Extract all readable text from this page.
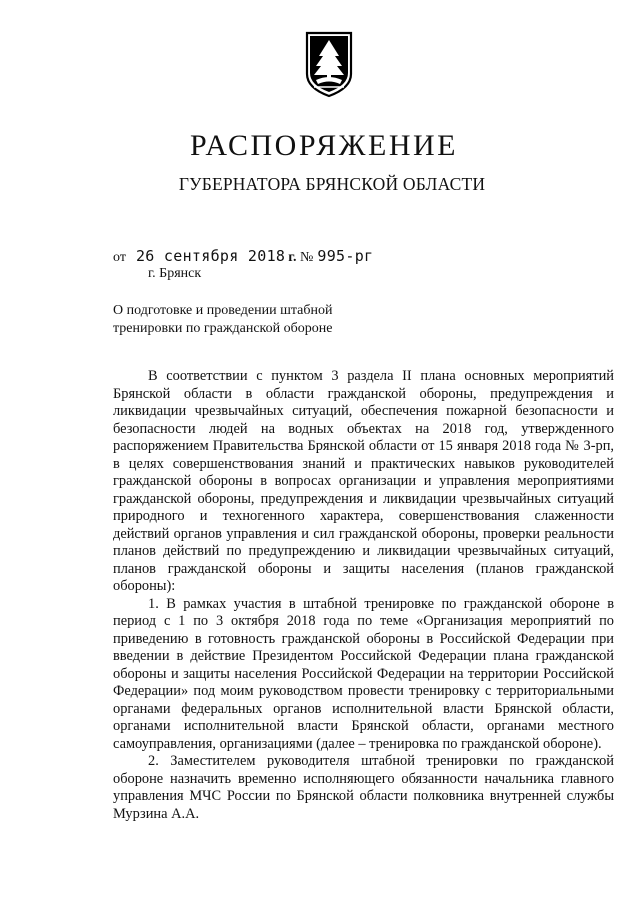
РАСПОРЯЖЕНИЕ
ГУБЕРНАТОРА БРЯНСКОЙ ОБЛАСТИ
от 26 сентября 2018 г. № 995-рг
г. Брянск
О подготовке и проведении штабной
тренировки по гражданской обороне

В соответствии с пунктом 3 раздела II плана основных мероприятий Брянской области в области гражданской обороны, предупреждения и ликвидации чрезвычайных ситуаций, обеспечения пожарной безопасности и безопасности людей на водных объектах на 2018 год, утвержденного распоряжением Правительства Брянской области от 15 января 2018 года № 3-рп, в целях совершенствования знаний и практических навыков руководителей гражданской обороны в вопросах организации и управления мероприятиями гражданской обороны, предупреждения и ликвидации чрезвычайных ситуаций природного и техногенного характера, совершенствования слаженности действий органов управления и сил гражданской обороны, проверки реальности планов действий по предупреждению и ликвидации чрезвычайных ситуаций, планов гражданской обороны и защиты населения (планов гражданской обороны):

1. В рамках участия в штабной тренировке по гражданской обороне в период с 1 по 3 октября 2018 года по теме «Организация мероприятий по приведению в готовность гражданской обороны в Российской Федерации при введении в действие Президентом Российской Федерации плана гражданской обороны и защиты населения Российской Федерации на территории Российской Федерации» под моим руководством провести тренировку с территориальными органами федеральных органов исполнительной власти Брянской области, органами исполнительной власти Брянской области, органами местного самоуправления, организациями (далее – тренировка по гражданской обороне).

2. Заместителем руководителя штабной тренировки по гражданской обороне назначить временно исполняющего обязанности начальника главного управления МЧС России по Брянской области полковника внутренней службы Мурзина А.А.
